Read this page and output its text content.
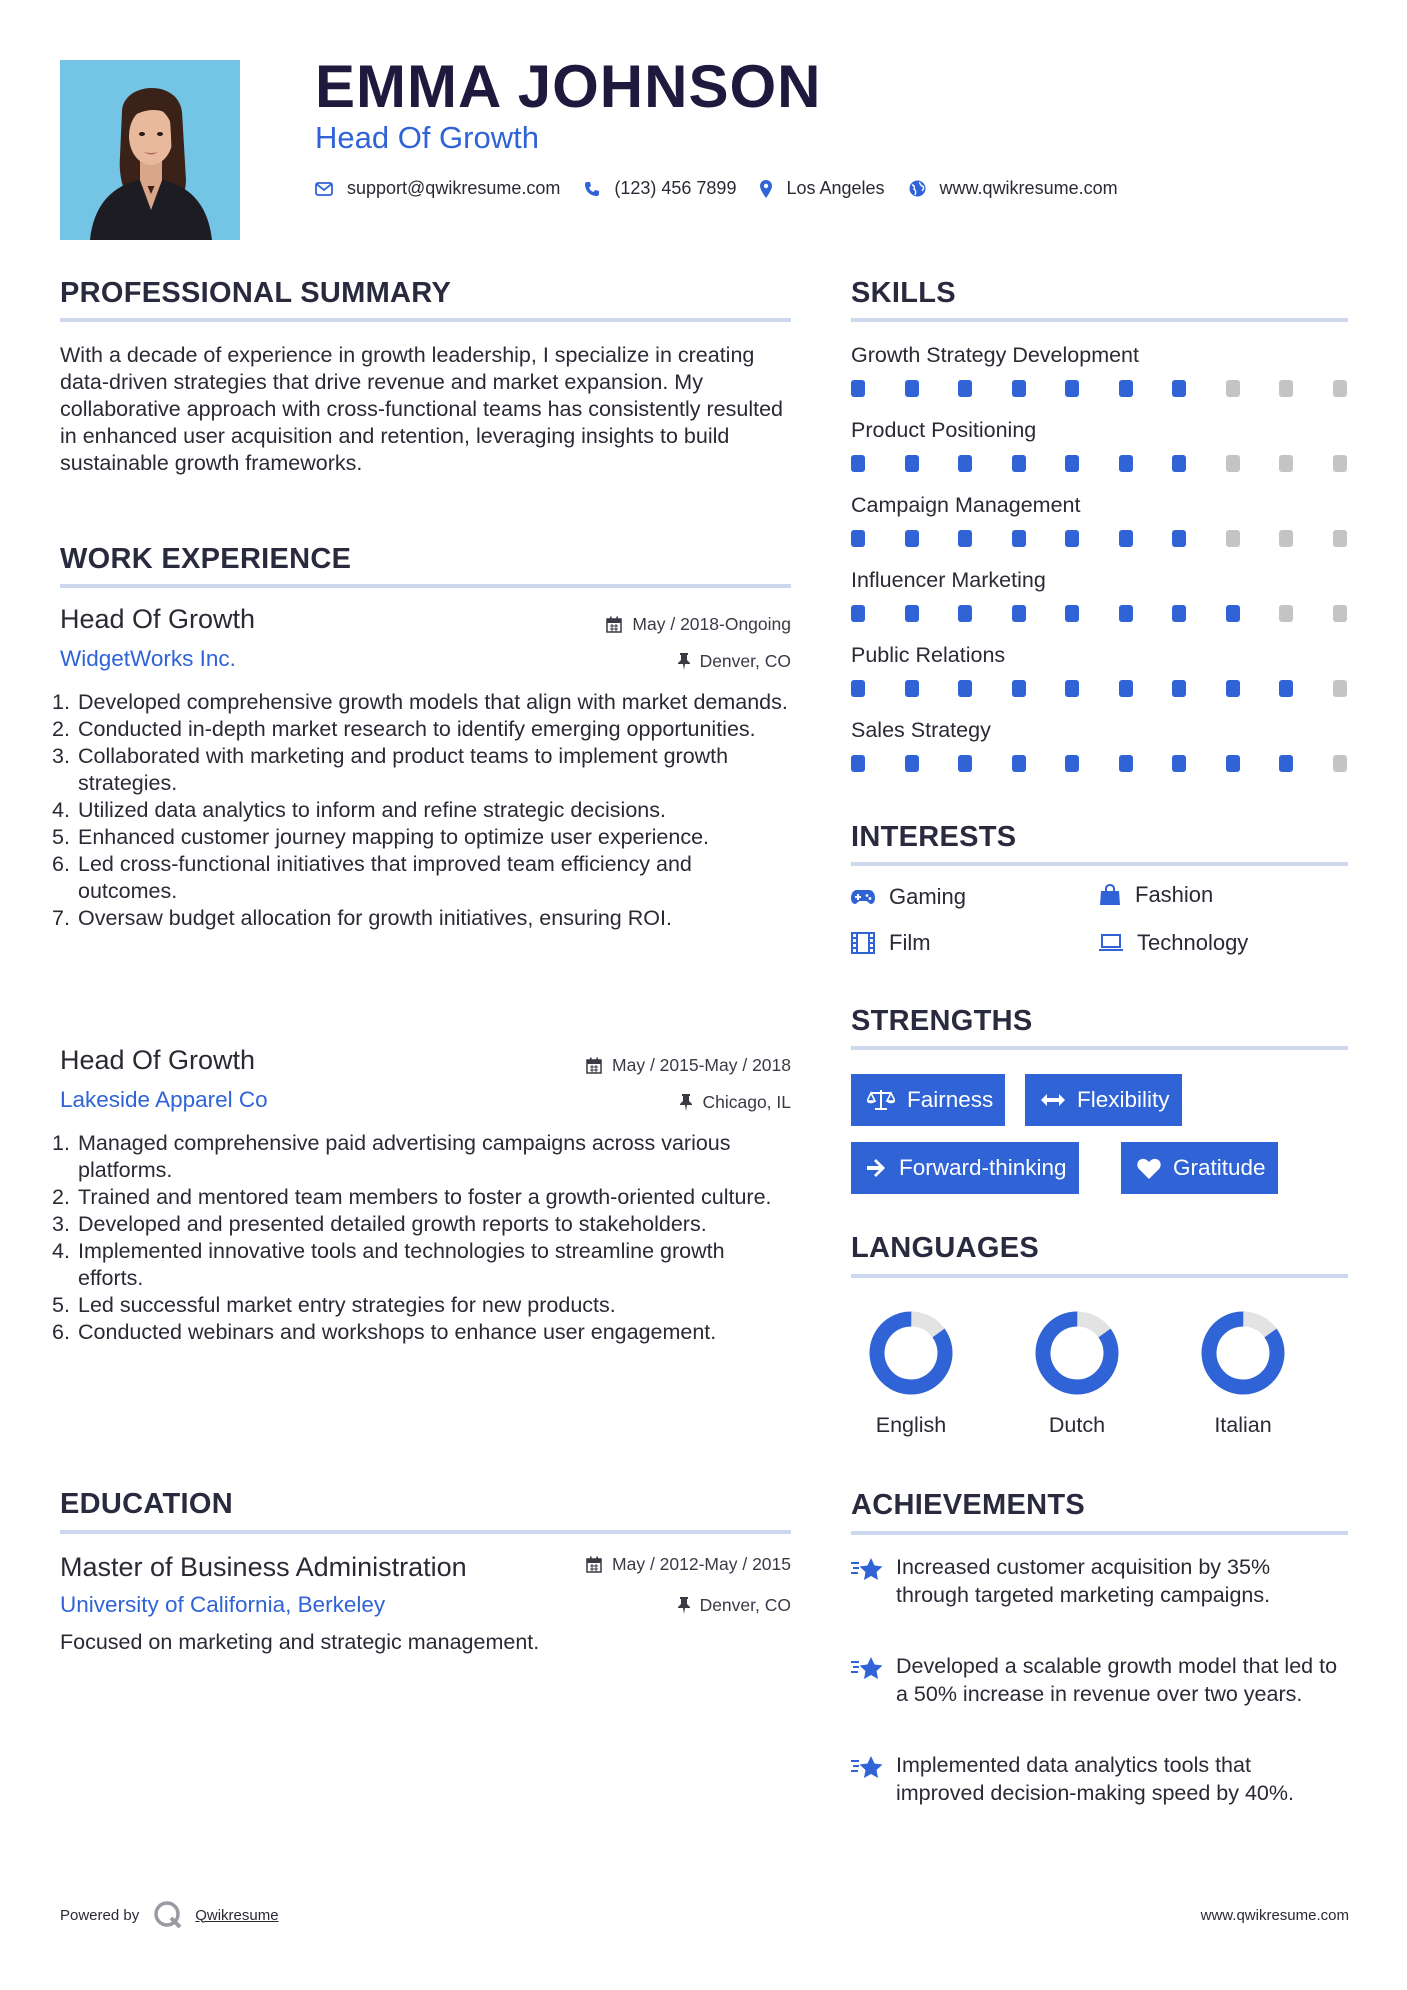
EMMA JOHNSON
Head Of Growth
support@qwikresume.com	(123) 456 7899	Los Angeles	www.qwikresume.com
PROFESSIONAL SUMMARY
With a decade of experience in growth leadership, I specialize in creating data-driven strategies that drive revenue and market expansion. My collaborative approach with cross-functional teams has consistently resulted in enhanced user acquisition and retention, leveraging insights to build sustainable growth frameworks.
WORK EXPERIENCE
Head Of Growth	May / 2018-Ongoing
WidgetWorks Inc.	Denver, CO
1. Developed comprehensive growth models that align with market demands.
2. Conducted in-depth market research to identify emerging opportunities.
3. Collaborated with marketing and product teams to implement growth strategies.
4. Utilized data analytics to inform and refine strategic decisions.
5. Enhanced customer journey mapping to optimize user experience.
6. Led cross-functional initiatives that improved team efficiency and outcomes.
7. Oversaw budget allocation for growth initiatives, ensuring ROI.
Head Of Growth	May / 2015-May / 2018
Lakeside Apparel Co	Chicago, IL
1. Managed comprehensive paid advertising campaigns across various platforms.
2. Trained and mentored team members to foster a growth-oriented culture.
3. Developed and presented detailed growth reports to stakeholders.
4. Implemented innovative tools and technologies to streamline growth efforts.
5. Led successful market entry strategies for new products.
6. Conducted webinars and workshops to enhance user engagement.
EDUCATION
Master of Business Administration	May / 2012-May / 2015
University of California, Berkeley	Denver, CO
Focused on marketing and strategic management.
SKILLS
Growth Strategy Development
Product Positioning
Campaign Management
Influencer Marketing
Public Relations
Sales Strategy
INTERESTS
Gaming	Fashion
Film	Technology
STRENGTHS
Fairness	Flexibility
Forward-thinking	Gratitude
LANGUAGES
English	Dutch	Italian
ACHIEVEMENTS
Increased customer acquisition by 35% through targeted marketing campaigns.
Developed a scalable growth model that led to a 50% increase in revenue over two years.
Implemented data analytics tools that improved decision-making speed by 40%.
Powered by	Qwikresume	www.qwikresume.com
